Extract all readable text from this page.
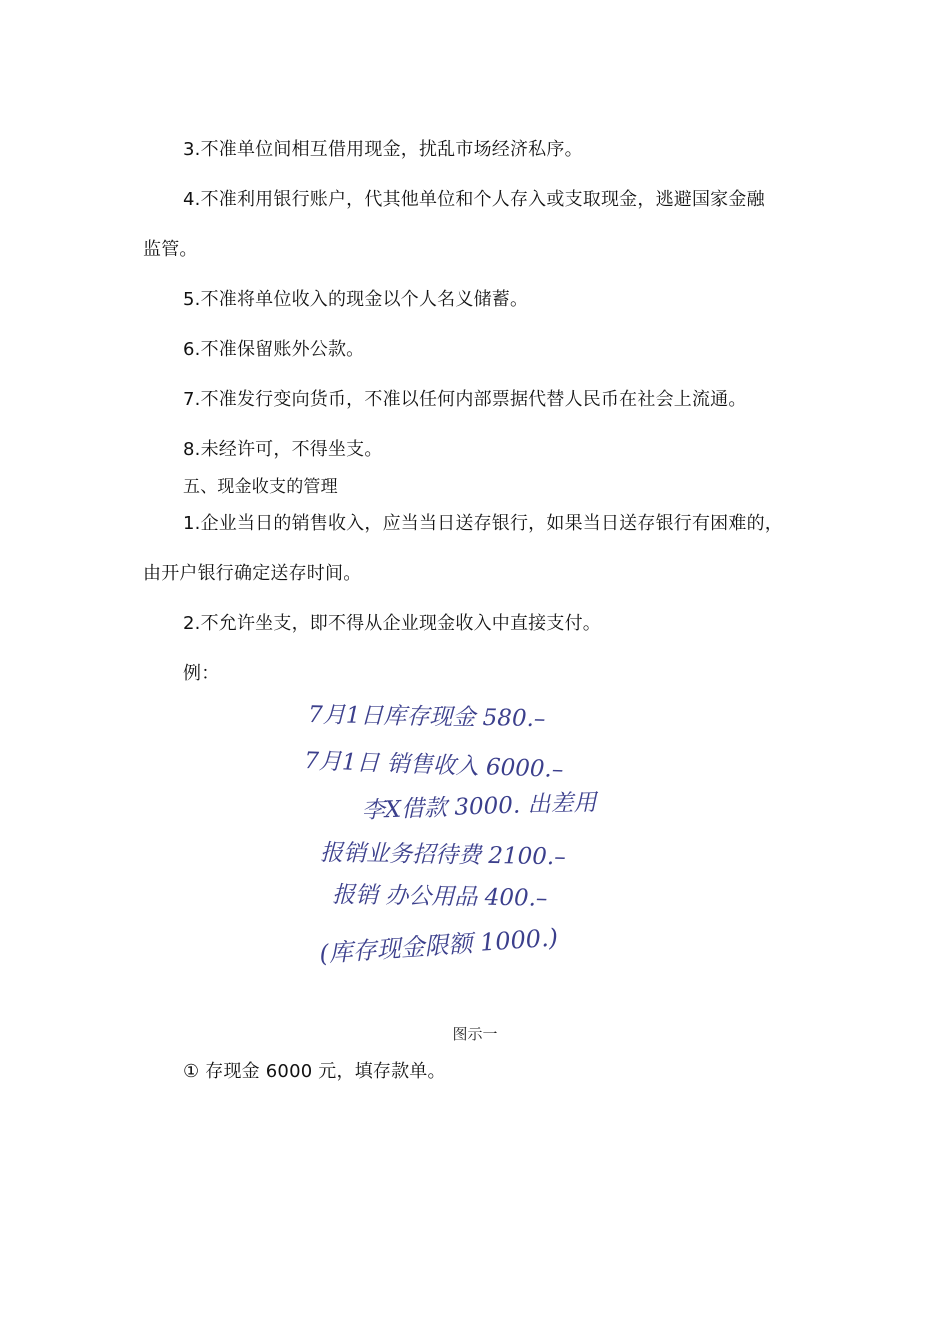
3.不准单位间相互借用现金，扰乱市场经济私序。
4.不准利用银行账户，代其他单位和个人存入或支取现金，逃避国家金融
监管。
5.不准将单位收入的现金以个人名义储蓄。
6.不准保留账外公款。
7.不准发行变向货币，不准以任何内部票据代替人民币在社会上流通。
8.未经许可，不得坐支。
五、现金收支的管理
1.企业当日的销售收入，应当当日送存银行，如果当日送存银行有困难的，
由开户银行确定送存时间。
2.不允许坐支，即不得从企业现金收入中直接支付。
例：
7月1日库存现金 580.–
7月1日 销售收入 6000.–
李X借款 3000. 出差用
报销业务招待费 2100.–
报销 办公用品 400.–
(库存现金限额 1000.)
图示一
① 存现金 6000 元，填存款单。
